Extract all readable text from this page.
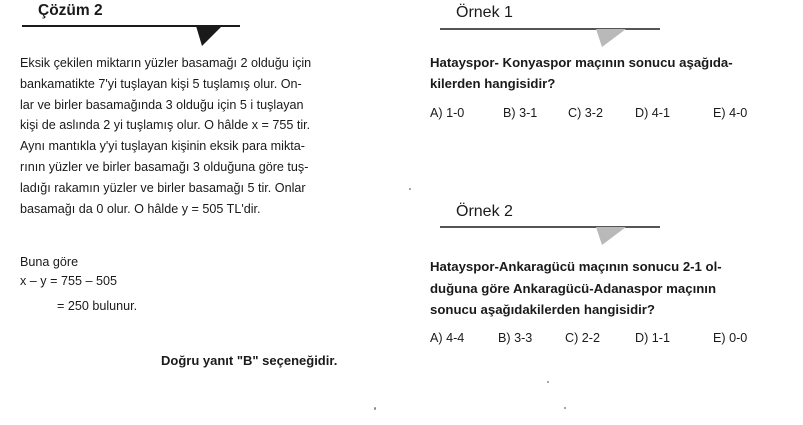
Çözüm 2
Eksik çekilen miktarın yüzler basamağı 2 olduğu için
bankamatikte 7'yi tuşlayan kişi 5 tuşlamış olur. On-
lar ve birler basamağında 3 olduğu için 5 i tuşlayan
kişi de aslında 2 yi tuşlamış olur. O hâlde x = 755 tir.
Aynı mantıkla y'yi tuşlayan kişinin eksik para mikta-
rının yüzler ve birler basamağı 3 olduğuna göre tuş-
ladığı rakamın yüzler ve birler basamağı 5 tir. Onlar
basamağı da 0 olur. O hâlde y = 505 TL'dir.
Buna göre
x – y = 755 – 505
= 250 bulunur.
Doğru yanıt "B" seçeneğidir.
Örnek 1
Hatayspor- Konyaspor maçının sonucu aşağıda-
kilerden hangisidir?
A) 1-0	B) 3-1 C) 3-2	D) 4-1	E) 4-0
Örnek 2
Hatayspor-Ankaragücü maçının sonucu 2-1 ol-
duğuna göre Ankaragücü-Adanaspor maçının
sonucu aşağıdakilerden hangisidir?
A) 4-4	B) 3-3	C) 2-2	D) 1-1	E) 0-0
